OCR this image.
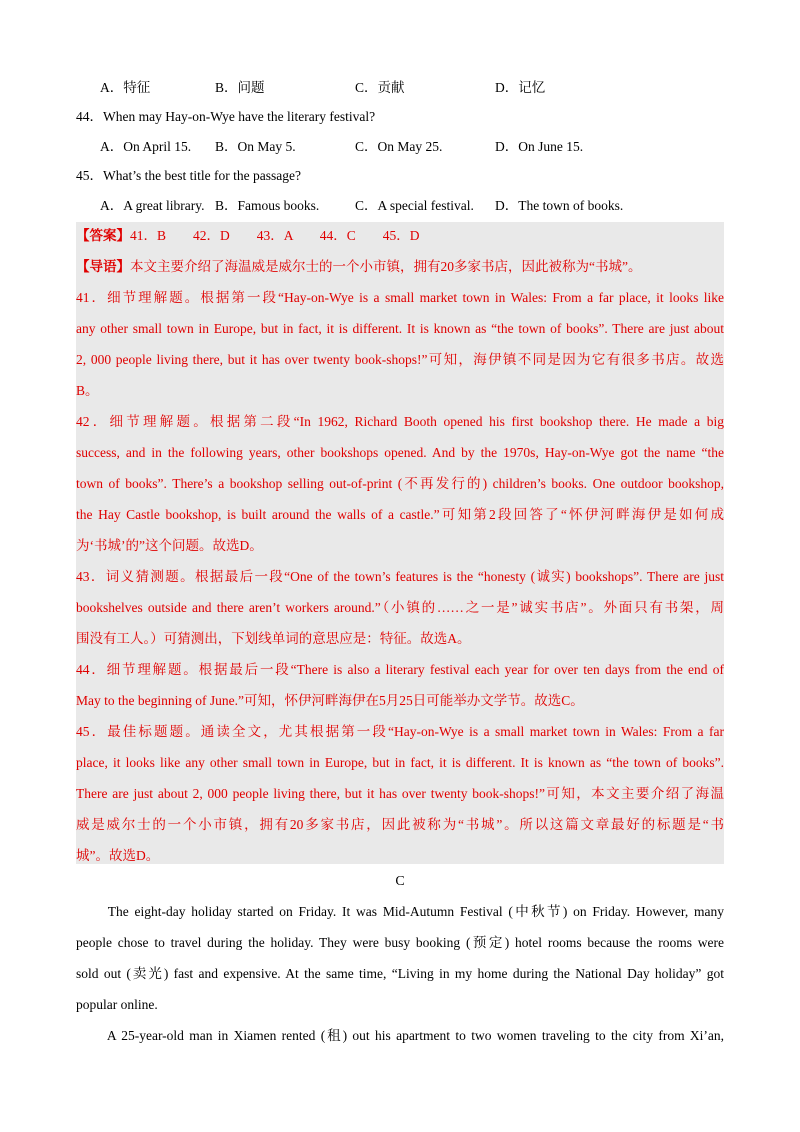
A．特征	B．问题	C．贡献	D．记忆
44．When may Hay-on-Wye have the literary festival?
A．On April 15. B．On May 5.	C．On May 25.	D．On June 15.
45．What’s the best title for the passage?
A．A great library. B．Famous books.	C．A special festival. D．The town of books.
【答案】41．B　　42．D　　43．A　　44．C　　45．D
【导语】本文主要介绍了海温威是威尔士的一个小市镇，拥有20多家书店，因此被称为“书城”。
41．细节理解题。根据第一段“Hay-on-Wye is a small market town in Wales: From a far place, it looks like
any other small town in Europe, but in fact, it is different. It is known as “the town of books”. There are just about
2, 000 people living there, but it has over twenty book-shops!”可知，海伊镇不同是因为它有很多书店。故选
B。
42．细节理解题。根据第二段“In 1962, Richard Booth opened his first bookshop there. He made a big
success, and in the following years, other bookshops opened. And by the 1970s, Hay-on-Wye got the name “the
town of books”. There’s a bookshop selling out-of-print (不再发行的) children’s books. One outdoor bookshop,
the Hay Castle bookshop, is built around the walls of a castle.”可知第2段回答了“怀伊河畔海伊是如何成
为‘书城’的”这个问题。故选D。
43．词义猜测题。根据最后一段“One of the town’s features is the “honesty (诚实) bookshops”. There are just
bookshelves outside and there aren’t workers around.”（小镇的……之一是”诚实书店”。外面只有书架，周
围没有工人。）可猜测出，下划线单词的意思应是：特征。故选A。
44．细节理解题。根据最后一段“There is also a literary festival each year for over ten days from the end of
May to the beginning of June.”可知，怀伊河畔海伊在5月25日可能举办文学节。故选C。
45．最佳标题题。通读全文，尤其根据第一段“Hay-on-Wye is a small market town in Wales: From a far
place, it looks like any other small town in Europe, but in fact, it is different. It is known as “the town of books”.
There are just about 2, 000 people living there, but it has over twenty book-shops!”可知，本文主要介绍了海温
威是威尔士的一个小市镇，拥有20多家书店，因此被称为“书城”。所以这篇文章最好的标题是“书
城”。故选D。
C
　　The eight-day holiday started on Friday. It was Mid-Autumn Festival (中秋节) on Friday. However, many
people chose to travel during the holiday. They were busy booking (预定) hotel rooms because the rooms were
sold out (卖光) fast and expensive. At the same time, “Living in my home during the National Day holiday” got
popular online.
　　A 25-year-old man in Xiamen rented (租) out his apartment to two women traveling to the city from Xi’an,
